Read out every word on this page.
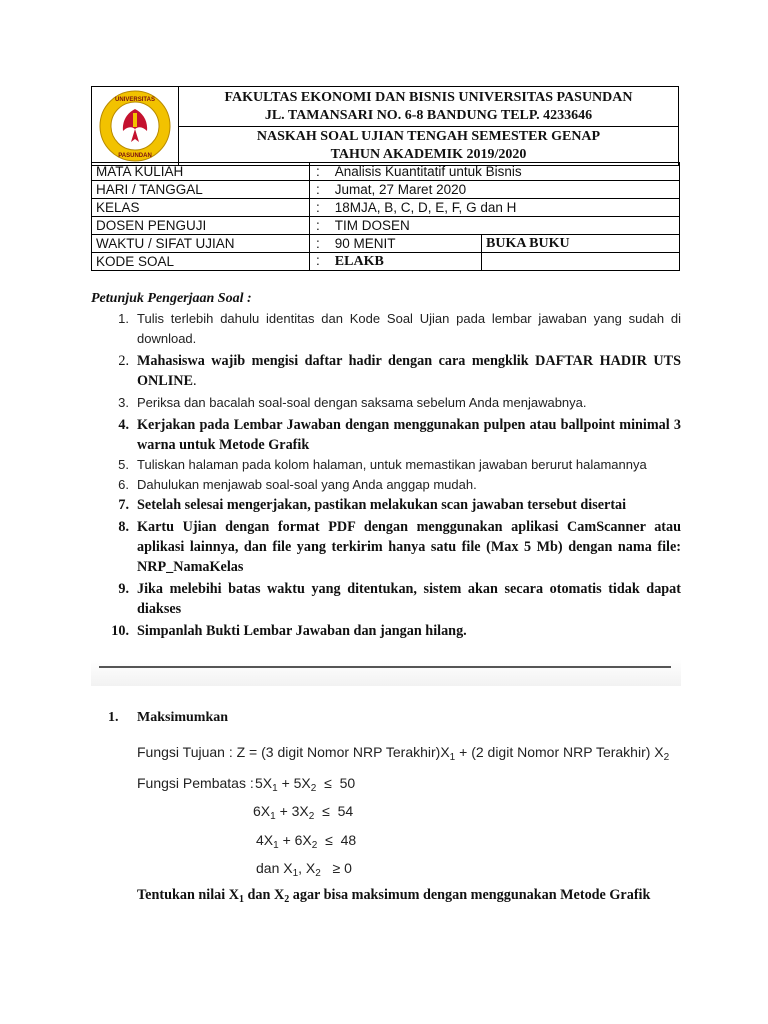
UNIVERSITAS
PASUNDAN

FAKULTAS EKONOMI DAN BISNIS UNIVERSITAS PASUNDAN
JL. TAMANSARI NO. 6-8 BANDUNG TELP. 4233646
NASKAH SOAL UJIAN TENGAH SEMESTER GENAP
TAHUN AKADEMIK 2019/2020
MATA KULIAH	: Analisis Kuantitatif untuk Bisnis	
HARI / TANGGAL	: Jumat, 27 Maret 2020	
KELAS	: 18MJA, B, C, D, E, F, G dan H	
DOSEN PENGUJI	: TIM DOSEN	
WAKTU / SIFAT UJIAN	: 90 MENIT	BUKA BUKU
KODE SOAL	: ELAKB	
Petunjuk Pengerjaan Soal :
1. Tulis terlebih dahulu identitas dan Kode Soal Ujian pada lembar jawaban yang sudah di download.
2. Mahasiswa wajib mengisi daftar hadir dengan cara mengklik DAFTAR HADIR UTS ONLINE.
3. Periksa dan bacalah soal-soal dengan saksama sebelum Anda menjawabnya.
4. Kerjakan pada Lembar Jawaban dengan menggunakan pulpen atau ballpoint minimal 3 warna untuk Metode Grafik
5. Tuliskan halaman pada kolom halaman, untuk memastikan jawaban berurut halamannya
6. Dahulukan menjawab soal-soal yang Anda anggap mudah.
7. Setelah selesai mengerjakan, pastikan melakukan scan jawaban tersebut disertai
8. Kartu Ujian dengan format PDF dengan menggunakan aplikasi CamScanner atau aplikasi lainnya, dan file yang terkirim hanya satu file (Max 5 Mb) dengan nama file: NRP_NamaKelas
9. Jika melebihi batas waktu yang ditentukan, sistem akan secara otomatis tidak dapat diakses
10. Simpanlah Bukti Lembar Jawaban dan jangan hilang.
1. Maksimumkan
Fungsi Tujuan : Z = (3 digit Nomor NRP $Terakhir)X_1 + (2$ digit Nomor NRP Terakhir) $X_2$
Fungsi Pembatas : $5X_1 + 5X_2 \le 50$
$6X_1 + 3X_2 \le 54$
$4X_1 + 6X_2 \le 48$
dan $X_1$, $X_2 \ge 0$
Tentukan nilai $X_1$ dan $X_2$ agar bisa maksimum dengan menggunakan Metode Grafik
